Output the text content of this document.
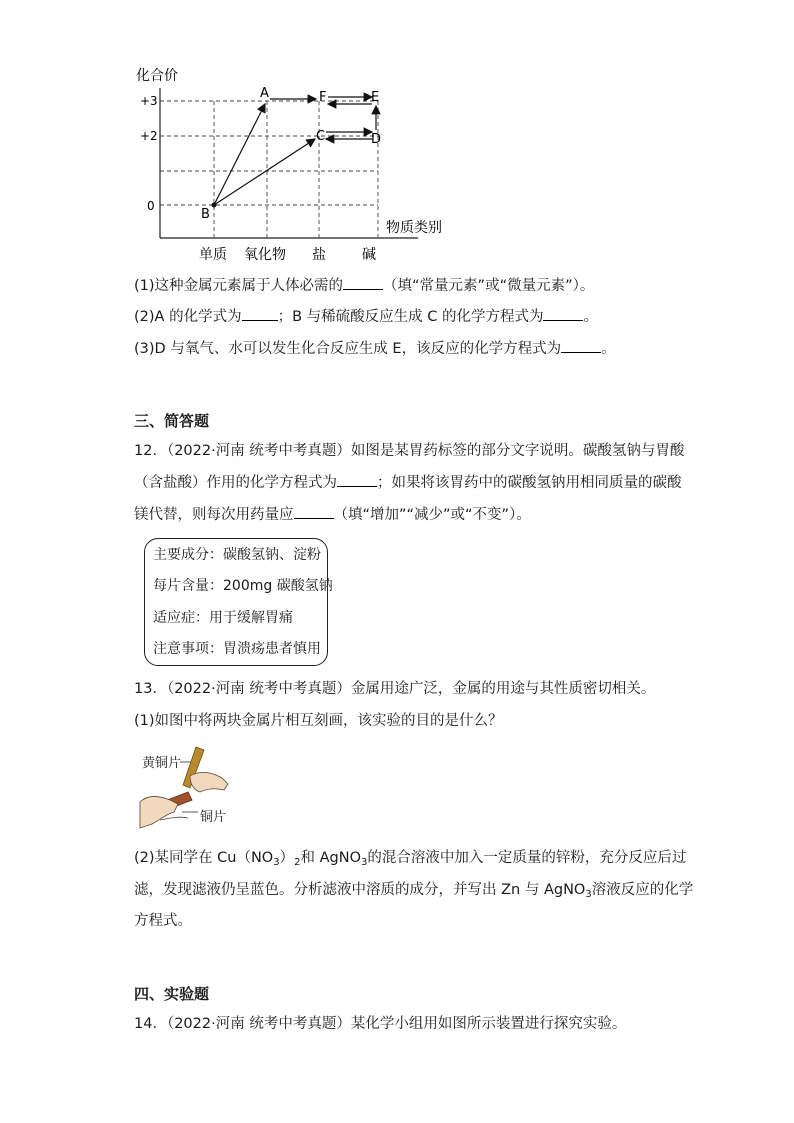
化合价
物质类别
+3
+2
0
单质 氧化物 盐	碱
A
B
C	D
E
F
(1)这种金属元素属于人体必需的	（填“常量元素”或“微量元素”）。
(2)A 的化学式为 ；B 与稀硫酸反应生成 C 的化学方程式为	。
(3)D 与氧气、水可以发生化合反应生成 E，该反应的化学方程式为	。
三、简答题
12．（2022·河南 统考中考真题）如图是某胃药标签的部分文字说明。碳酸氢钠与胃酸
（含盐酸）作用的化学方程式为	；如果将该胃药中的碳酸氢钠用相同质量的碳酸
镁代替，则每次用药量应	（填“增加”“减少”或“不变”）。
主要成分：碳酸氢钠、淀粉
每片含量：200mg 碳酸氢钠
适应症：用于缓解胃痛
注意事项：胃溃疡患者慎用
13．（2022·河南 统考中考真题）金属用途广泛，金属的用途与其性质密切相关。
(1)如图中将两块金属片相互刻画，该实验的目的是什么？
黄铜片
铜片
(2)某同学在 $Cu(NO_3)_2$和 AgNO$_3$的混合溶液中加入一定质量的锌粉，充分反应后过
滤，发现滤液仍呈蓝色。分析滤液中溶质的成分，并写出 Zn 与 AgNO$_3$溶液反应的化学
方程式。
四、实验题
14．（2022·河南 统考中考真题）某化学小组用如图所示装置进行探究实验。
